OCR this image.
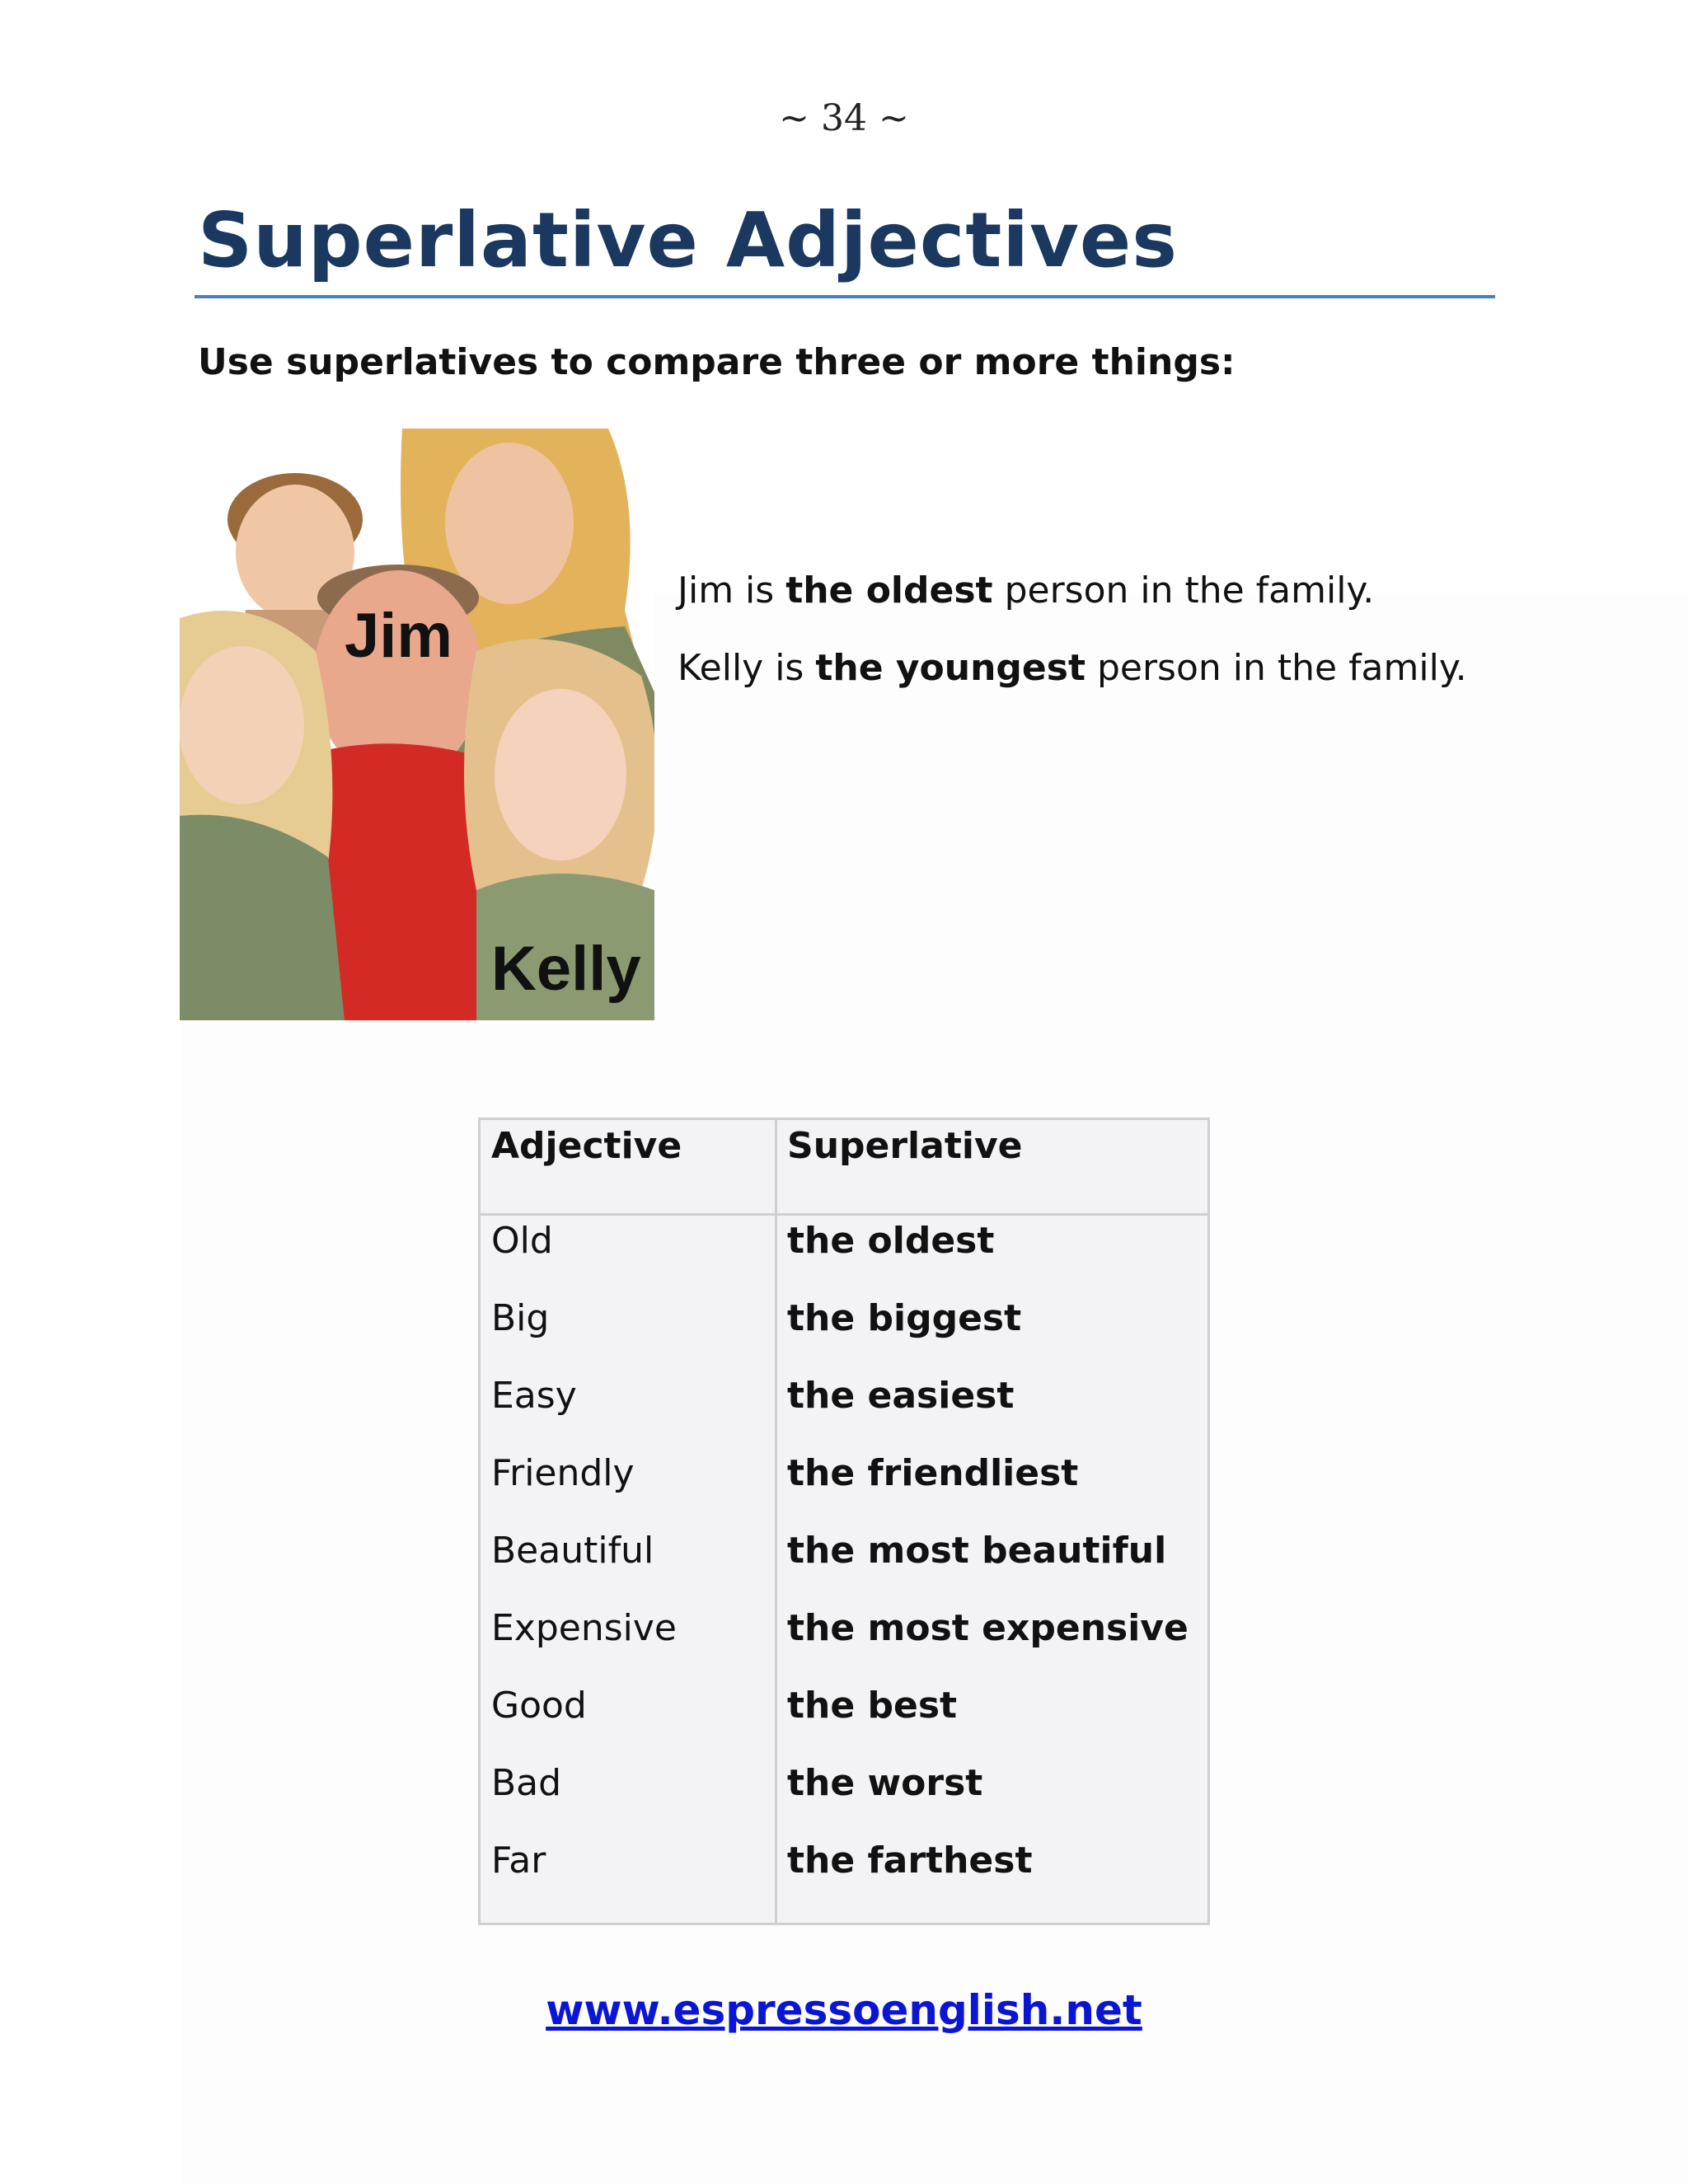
~ 34 ~
Superlative Adjectives
Use superlatives to compare three or more things:
Jim
Kelly

Jim is the oldest person in the family.

Kelly is the youngest person in the family.

Adjective	Superlative
Old	the oldest
Big	the biggest
Easy	the easiest
Friendly	the friendliest
Beautiful	the most beautiful
Expensive	the most expensive
Good	the best
Bad	the worst
Far	the farthest
www.espressoenglish.net
